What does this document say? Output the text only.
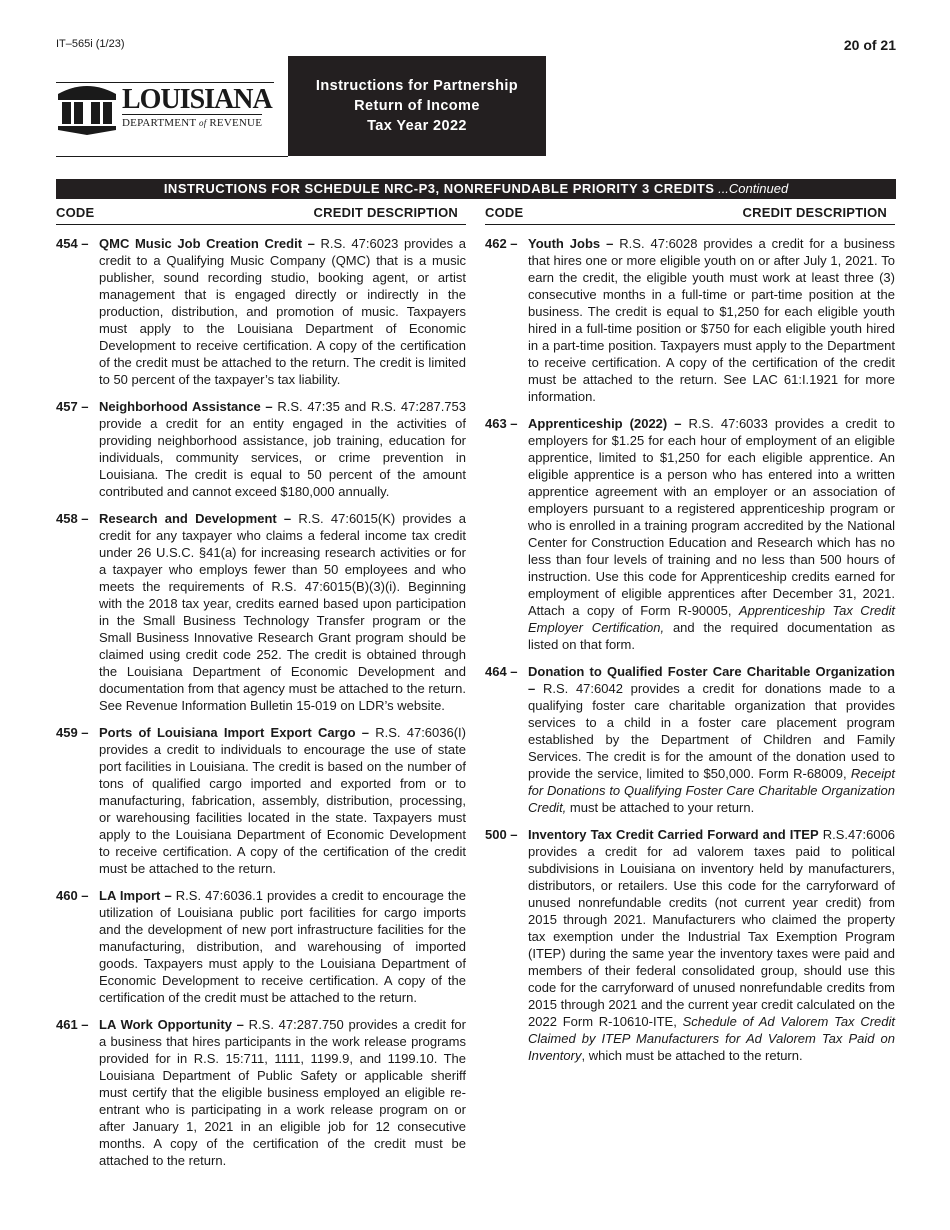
IT–565i (1/23)	20 of 21
LOUISIANA
DEPARTMENT of REVENUE
Instructions for Partnership
Return of Income
Tax Year 2022
INSTRUCTIONS FOR SCHEDULE NRC-P3, NONREFUNDABLE PRIORITY 3 CREDITS ...Continued
CODE	CREDIT DESCRIPTION
454 – QMC Music Job Creation Credit – R.S. 47:6023 provides a credit to a Qualifying Music Company (QMC) that is a music publisher, sound recording studio, booking agent, or artist management that is engaged directly or indirectly in the production, distribution, and promotion of music. Taxpayers must apply to the Louisiana Department of Economic Development to receive certification. A copy of the certification of the credit must be attached to the return. The credit is limited to 50 percent of the taxpayer’s tax liability.
457 – Neighborhood Assistance – R.S. 47:35 and R.S. 47:287.753 provide a credit for an entity engaged in the activities of providing neighborhood assistance, job training, education for individuals, community services, or crime prevention in Louisiana. The credit is equal to 50 percent of the amount contributed and cannot exceed $180,000 annually.
458 – Research and Development – R.S. 47:6015(K) provides a credit for any taxpayer who claims a federal income tax credit under 26 U.S.C. §41(a) for increasing research activities or for a taxpayer who employs fewer than 50 employees and who meets the requirements of R.S. 47:6015(B)(3)(i). Beginning with the 2018 tax year, credits earned based upon participation in the Small Business Technology Transfer program or the Small Business Innovative Research Grant program should be claimed using credit code 252. The credit is obtained through the Louisiana Department of Economic Development and documentation from that agency must be attached to the return. See Revenue Information Bulletin 15-019 on LDR’s website.
459 – Ports of Louisiana Import Export Cargo – R.S. 47:6036(I) provides a credit to individuals to encourage the use of state port facilities in Louisiana. The credit is based on the number of tons of qualified cargo imported and exported from or to manufacturing, fabrication, assembly, distribution, processing, or warehousing facilities located in the state. Taxpayers must apply to the Louisiana Department of Economic Development to receive certification. A copy of the certification of the credit must be attached to the return.
460 – LA Import – R.S. 47:6036.1 provides a credit to encourage the utilization of Louisiana public port facilities for cargo imports and the development of new port infrastructure facilities for the manufacturing, distribution, and warehousing of imported goods. Taxpayers must apply to the Louisiana Department of Economic Development to receive certification. A copy of the certification of the credit must be attached to the return.
461 – LA Work Opportunity – R.S. 47:287.750 provides a credit for a business that hires participants in the work release programs provided for in R.S. 15:711, 1111, 1199.9, and 1199.10. The Louisiana Department of Public Safety or applicable sheriff must certify that the eligible business employed an eligible re-entrant who is participating in a work release program on or after January 1, 2021 in an eligible job for 12 consecutive months. A copy of the certification of the credit must be attached to the return.
CODE	CREDIT DESCRIPTION
462 – Youth Jobs – R.S. 47:6028 provides a credit for a business that hires one or more eligible youth on or after July 1, 2021. To earn the credit, the eligible youth must work at least three (3) consecutive months in a full-time or part-time position at the business. The credit is equal to $1,250 for each eligible youth hired in a full-time position or $750 for each eligible youth hired in a part-time position. Taxpayers must apply to the Department to receive certification. A copy of the certification of the credit must be attached to the return. See LAC 61:I.1921 for more information.
463 – Apprenticeship (2022) – R.S. 47:6033 provides a credit to employers for $1.25 for each hour of employment of an eligible apprentice, limited to $1,250 for each eligible apprentice. An eligible apprentice is a person who has entered into a written apprentice agreement with an employer or an association of employers pursuant to a registered apprenticeship program or who is enrolled in a training program accredited by the National Center for Construction Education and Research which has no less than four levels of training and no less than 500 hours of instruction. Use this code for Apprenticeship credits earned for employment of eligible apprentices after December 31, 2021. Attach a copy of Form R-90005, Apprenticeship Tax Credit Employer Certification, and the required documentation as listed on that form.
464 – Donation to Qualified Foster Care Charitable Organization – R.S. 47:6042 provides a credit for donations made to a qualifying foster care charitable organization that provides services to a child in a foster care placement program established by the Department of Children and Family Services. The credit is for the amount of the donation used to provide the service, limited to $50,000. Form R-68009, Receipt for Donations to Qualifying Foster Care Charitable Organization Credit, must be attached to your return.
500 – Inventory Tax Credit Carried Forward and ITEP R.S.47:6006 provides a credit for ad valorem taxes paid to political subdivisions in Louisiana on inventory held by manufacturers, distributors, or retailers. Use this code for the carryforward of unused nonrefundable credits (not current year credit) from 2015 through 2021. Manufacturers who claimed the property tax exemption under the Industrial Tax Exemption Program (ITEP) during the same year the inventory taxes were paid and members of their federal consolidated group, should use this code for the carryforward of unused nonrefundable credits from 2015 through 2021 and the current year credit calculated on the 2022 Form R-10610-ITE, Schedule of Ad Valorem Tax Credit Claimed by ITEP Manufacturers for Ad Valorem Tax Paid on Inventory, which must be attached to the return.
